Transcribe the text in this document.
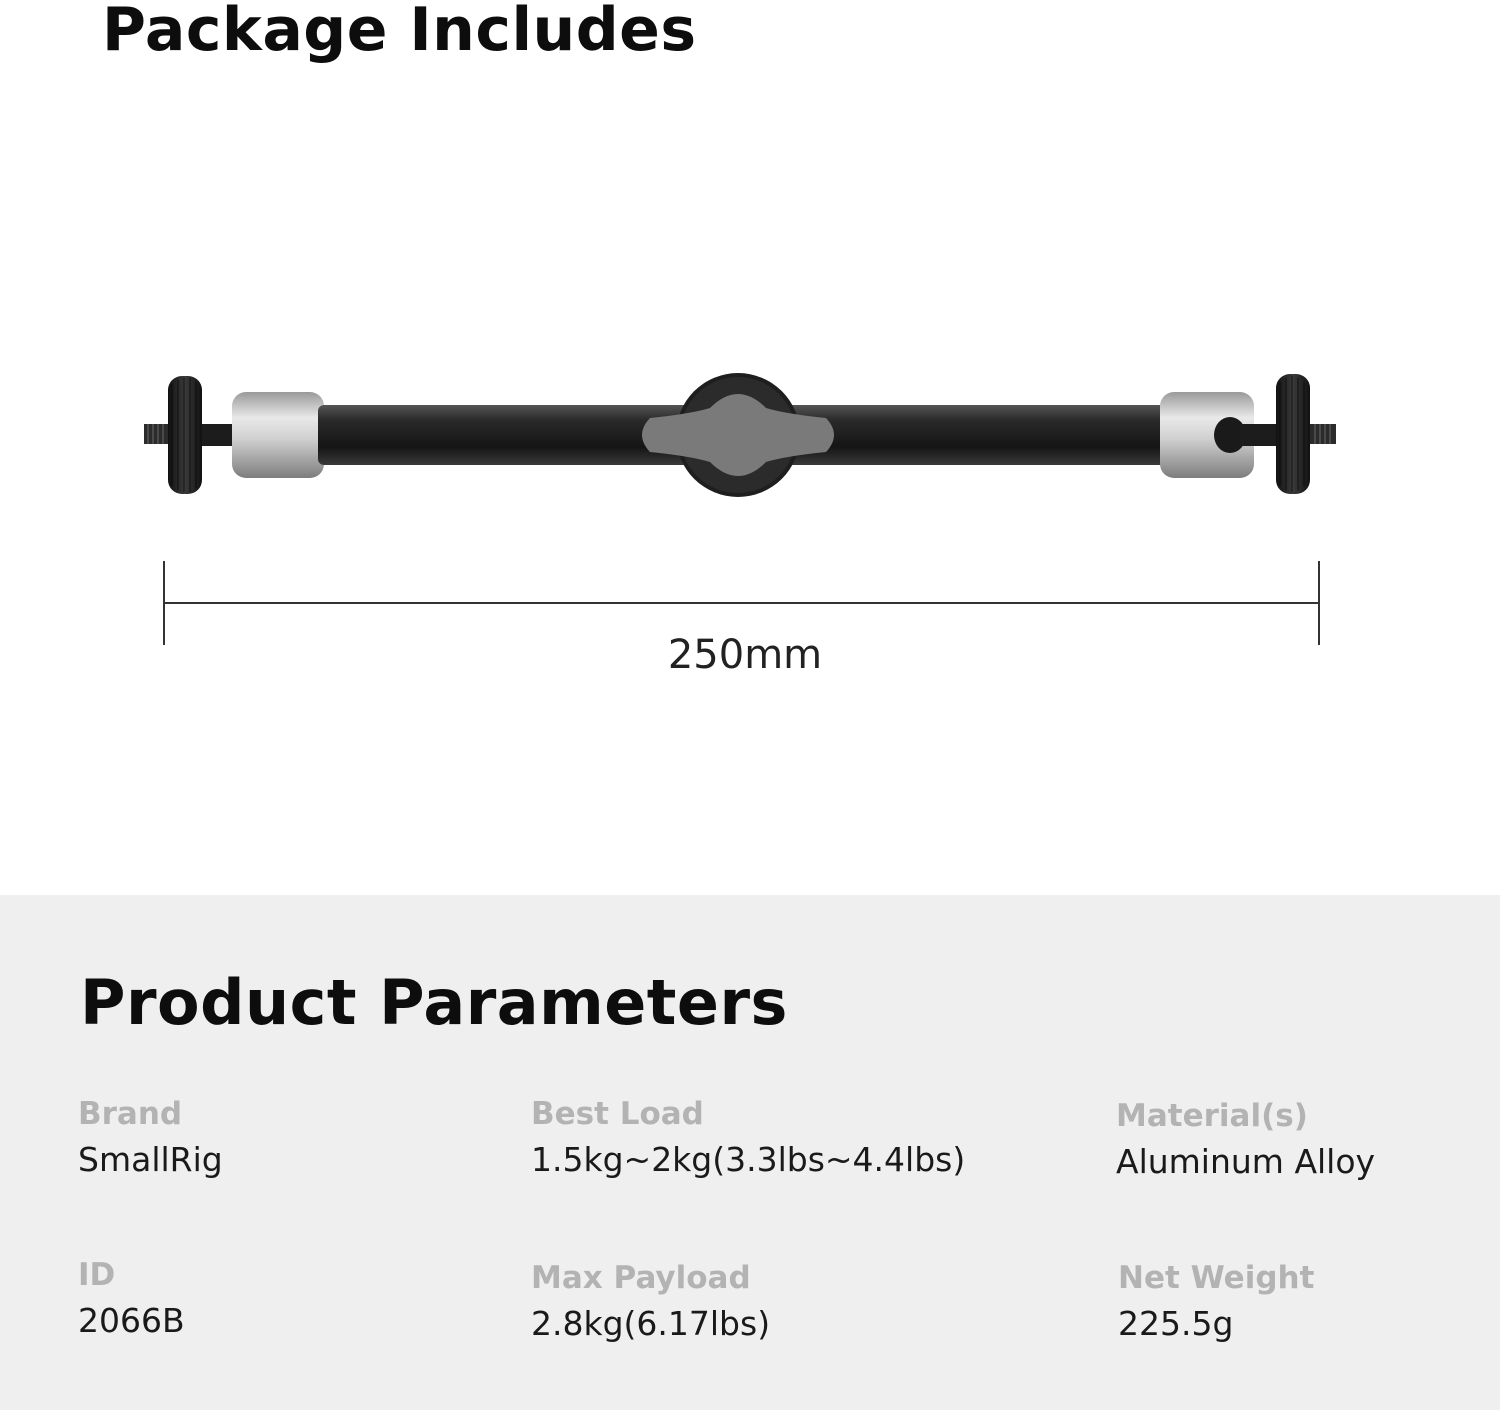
Package Includes
250mm
Product Parameters
Brand
SmallRig
Best Load
1.5kg~2kg(3.3lbs~4.4lbs)
Material(s)
Aluminum Alloy
ID
2066B
Max Payload
2.8kg(6.17lbs)
Net Weight
225.5g
